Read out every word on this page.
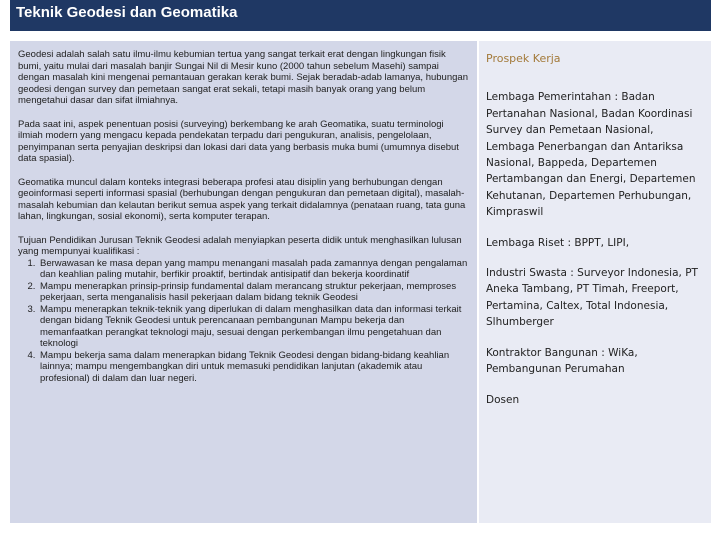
Teknik Geodesi dan Geomatika

Geodesi adalah salah satu ilmu-ilmu kebumian tertua yang sangat terkait erat dengan lingkungan fisik bumi, yaitu mulai dari masalah banjir Sungai Nil di Mesir kuno (2000 tahun sebelum Masehi) sampai dengan masalah kini mengenai pemantauan gerakan kerak bumi. Sejak beradab-adab lamanya, hubungan geodesi dengan survey dan pemetaan sangat erat sekali, tetapi masih banyak orang yang belum mengetahui dasar dan sifat ilmiahnya.

Pada saat ini, aspek penentuan posisi (surveying) berkembang ke arah Geomatika, suatu terminologi ilmiah modern yang mengacu kepada pendekatan terpadu dari pengukuran, analisis, pengelolaan, penyimpanan serta penyajian deskripsi dan lokasi dari data yang berbasis muka bumi (umumnya disebut data spasial).

Geomatika muncul dalam konteks integrasi beberapa profesi atau disiplin yang berhubungan dengan geoinformasi seperti informasi spasial (berhubungan dengan pengukuran dan pemetaan digital), masalah-masalah kebumian dan kelautan berikut semua aspek yang terkait didalamnya (penataan ruang, tata guna lahan, lingkungan, sosial ekonomi), serta komputer terapan.

Tujuan Pendidikan Jurusan Teknik Geodesi adalah menyiapkan peserta didik untuk menghasilkan lulusan yang mempunyai kualifikasi :

1. Berwawasan ke masa depan yang mampu menangani masalah pada zamannya dengan pengalaman dan keahlian paling mutahir, berfikir proaktif, bertindak antisipatif dan bekerja koordinatif
2. Mampu menerapkan prinsip-prinsip fundamental dalam merancang struktur pekerjaan, memproses pekerjaan, serta menganalisis hasil pekerjaan dalam bidang teknik Geodesi
3. Mampu menerapkan teknik-teknik yang diperlukan di dalam menghasilkan data dan informasi terkait dengan bidang Teknik Geodesi untuk perencanaan pembangunan Mampu bekerja dan memanfaatkan perangkat teknologi maju, sesuai dengan perkembangan ilmu pengetahuan dan teknologi
4. Mampu bekerja sama dalam menerapkan bidang Teknik Geodesi dengan bidang-bidang keahlian lainnya; mampu mengembangkan diri untuk memasuki pendidikan lanjutan (akademik atau profesional) di dalam dan luar negeri.
Prospek Kerja

Lembaga Pemerintahan : Badan Pertanahan Nasional, Badan Koordinasi Survey dan Pemetaan Nasional, Lembaga Penerbangan dan Antariksa Nasional, Bappeda, Departemen Pertambangan dan Energi, Departemen Kehutanan, Departemen Perhubungan, Kimpraswil

Lembaga Riset : BPPT, LIPI,

Industri Swasta : Surveyor Indonesia, PT Aneka Tambang, PT Timah, Freeport, Pertamina, Caltex, Total Indonesia, Slhumberger

Kontraktor Bangunan : WiKa, Pembangunan Perumahan

Dosen
